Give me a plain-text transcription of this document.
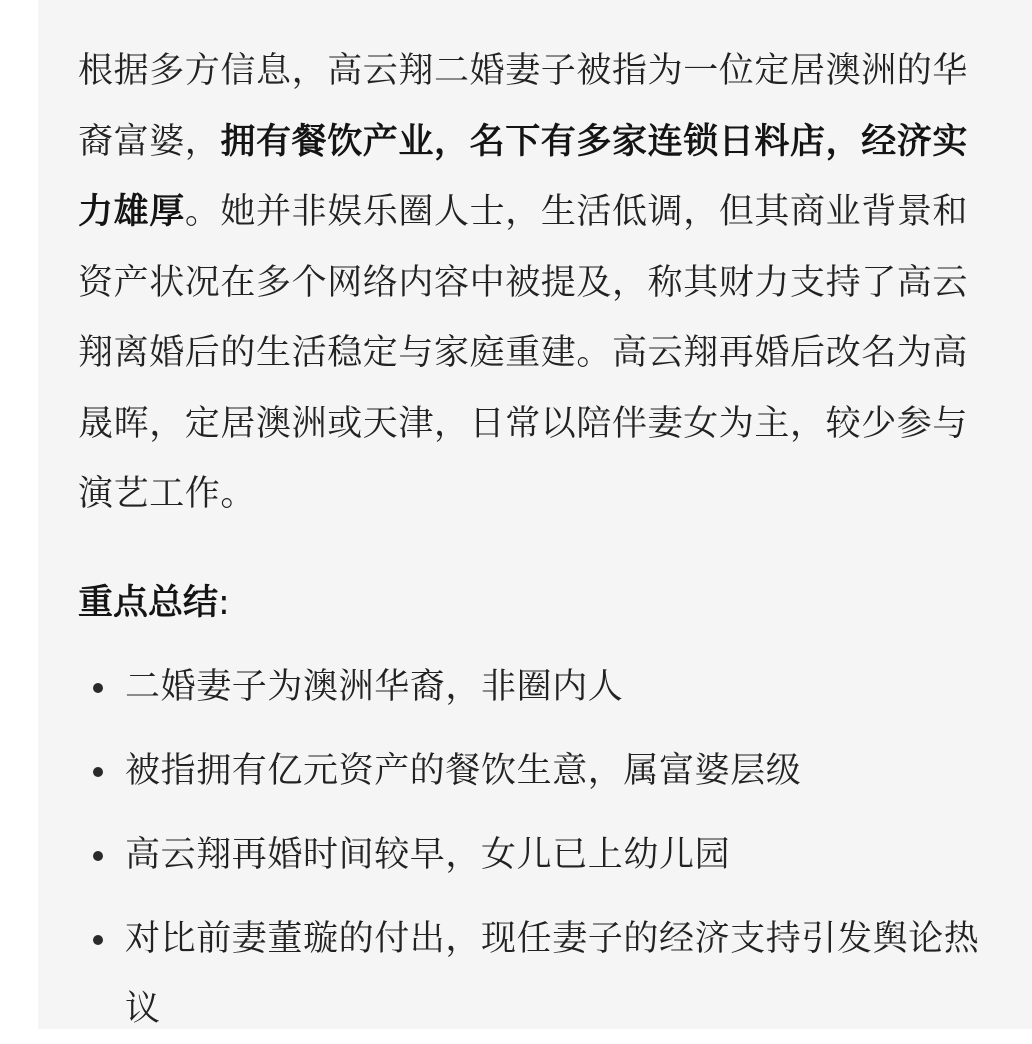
根据多方信息，高云翔二婚妻子被指为一位定居澳洲的华裔富婆，拥有餐饮产业，名下有多家连锁日料店，经济实力雄厚。她并非娱乐圈人士，生活低调，但其商业背景和资产状况在多个网络内容中被提及，称其财力支持了高云翔离婚后的生活稳定与家庭重建。高云翔再婚后改名为高晟晖，定居澳洲或天津，日常以陪伴妻女为主，较少参与演艺工作。

重点总结:
二婚妻子为澳洲华裔，非圈内人
被指拥有亿元资产的餐饮生意，属富婆层级
高云翔再婚时间较早，女儿已上幼儿园
对比前妻董璇的付出，现任妻子的经济支持引发舆论热议
